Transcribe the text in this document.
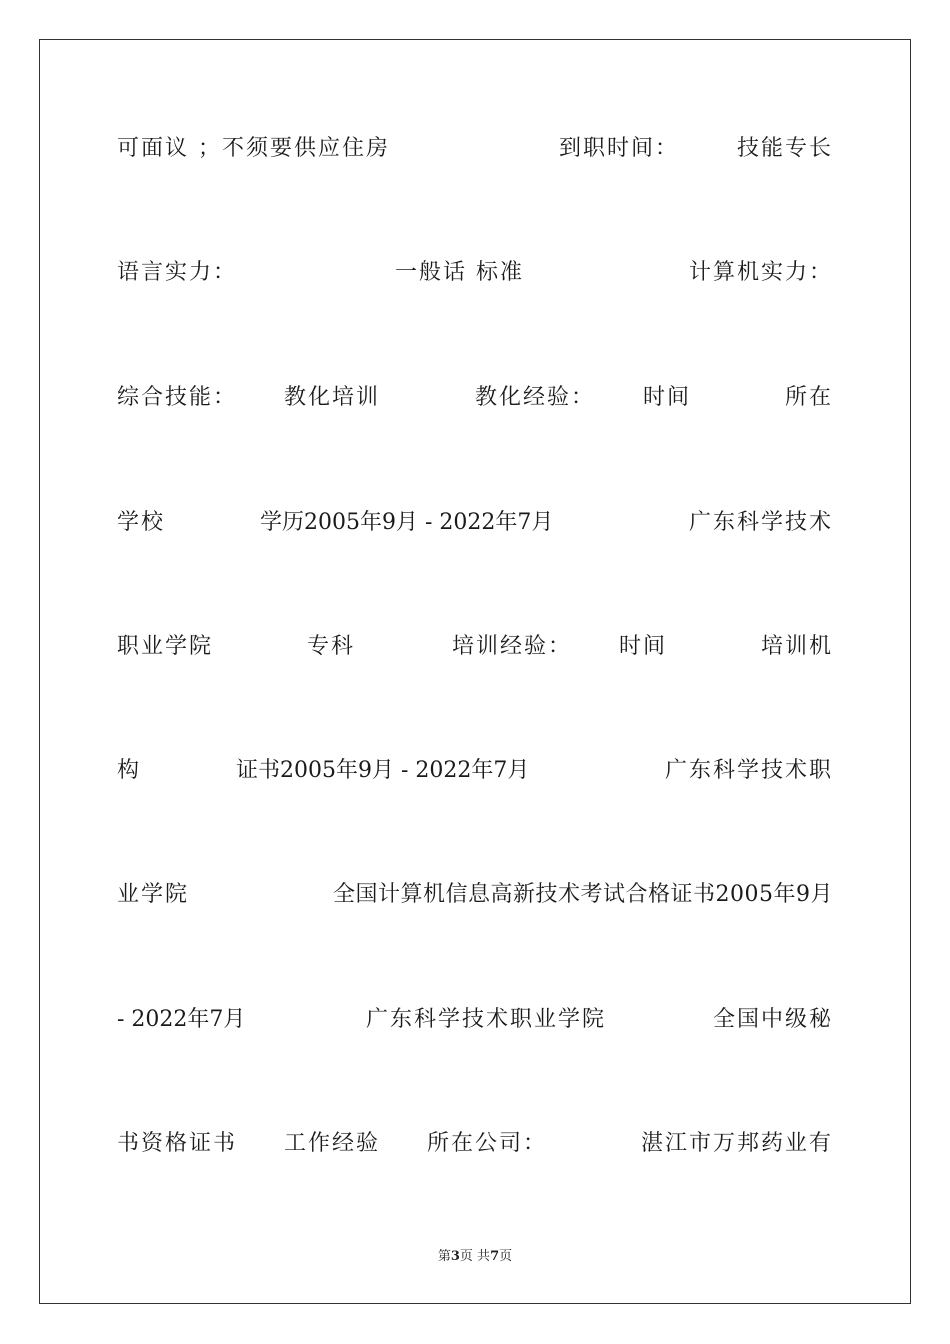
可面议 ；不须要供应住房	到职时间：	技能专长
语言实力：	一般话 标准	计算机实力：
综合技能： 教化培训	教化经验： 时间	所在
学校	学历2005年9月 - 2022年7月	广东科学技术
职业学院	专科	培训经验： 时间	培训机
构	证书2005年9月 - 2022年7月	广东科学技术职
业学院	全国计算机信息高新技术考试合格证书2005年9月
- 2022年7月	广东科学技术职业学院	全国中级秘
书资格证书 工作经验 所在公司：	湛江市万邦药业有
第3页 共7页
